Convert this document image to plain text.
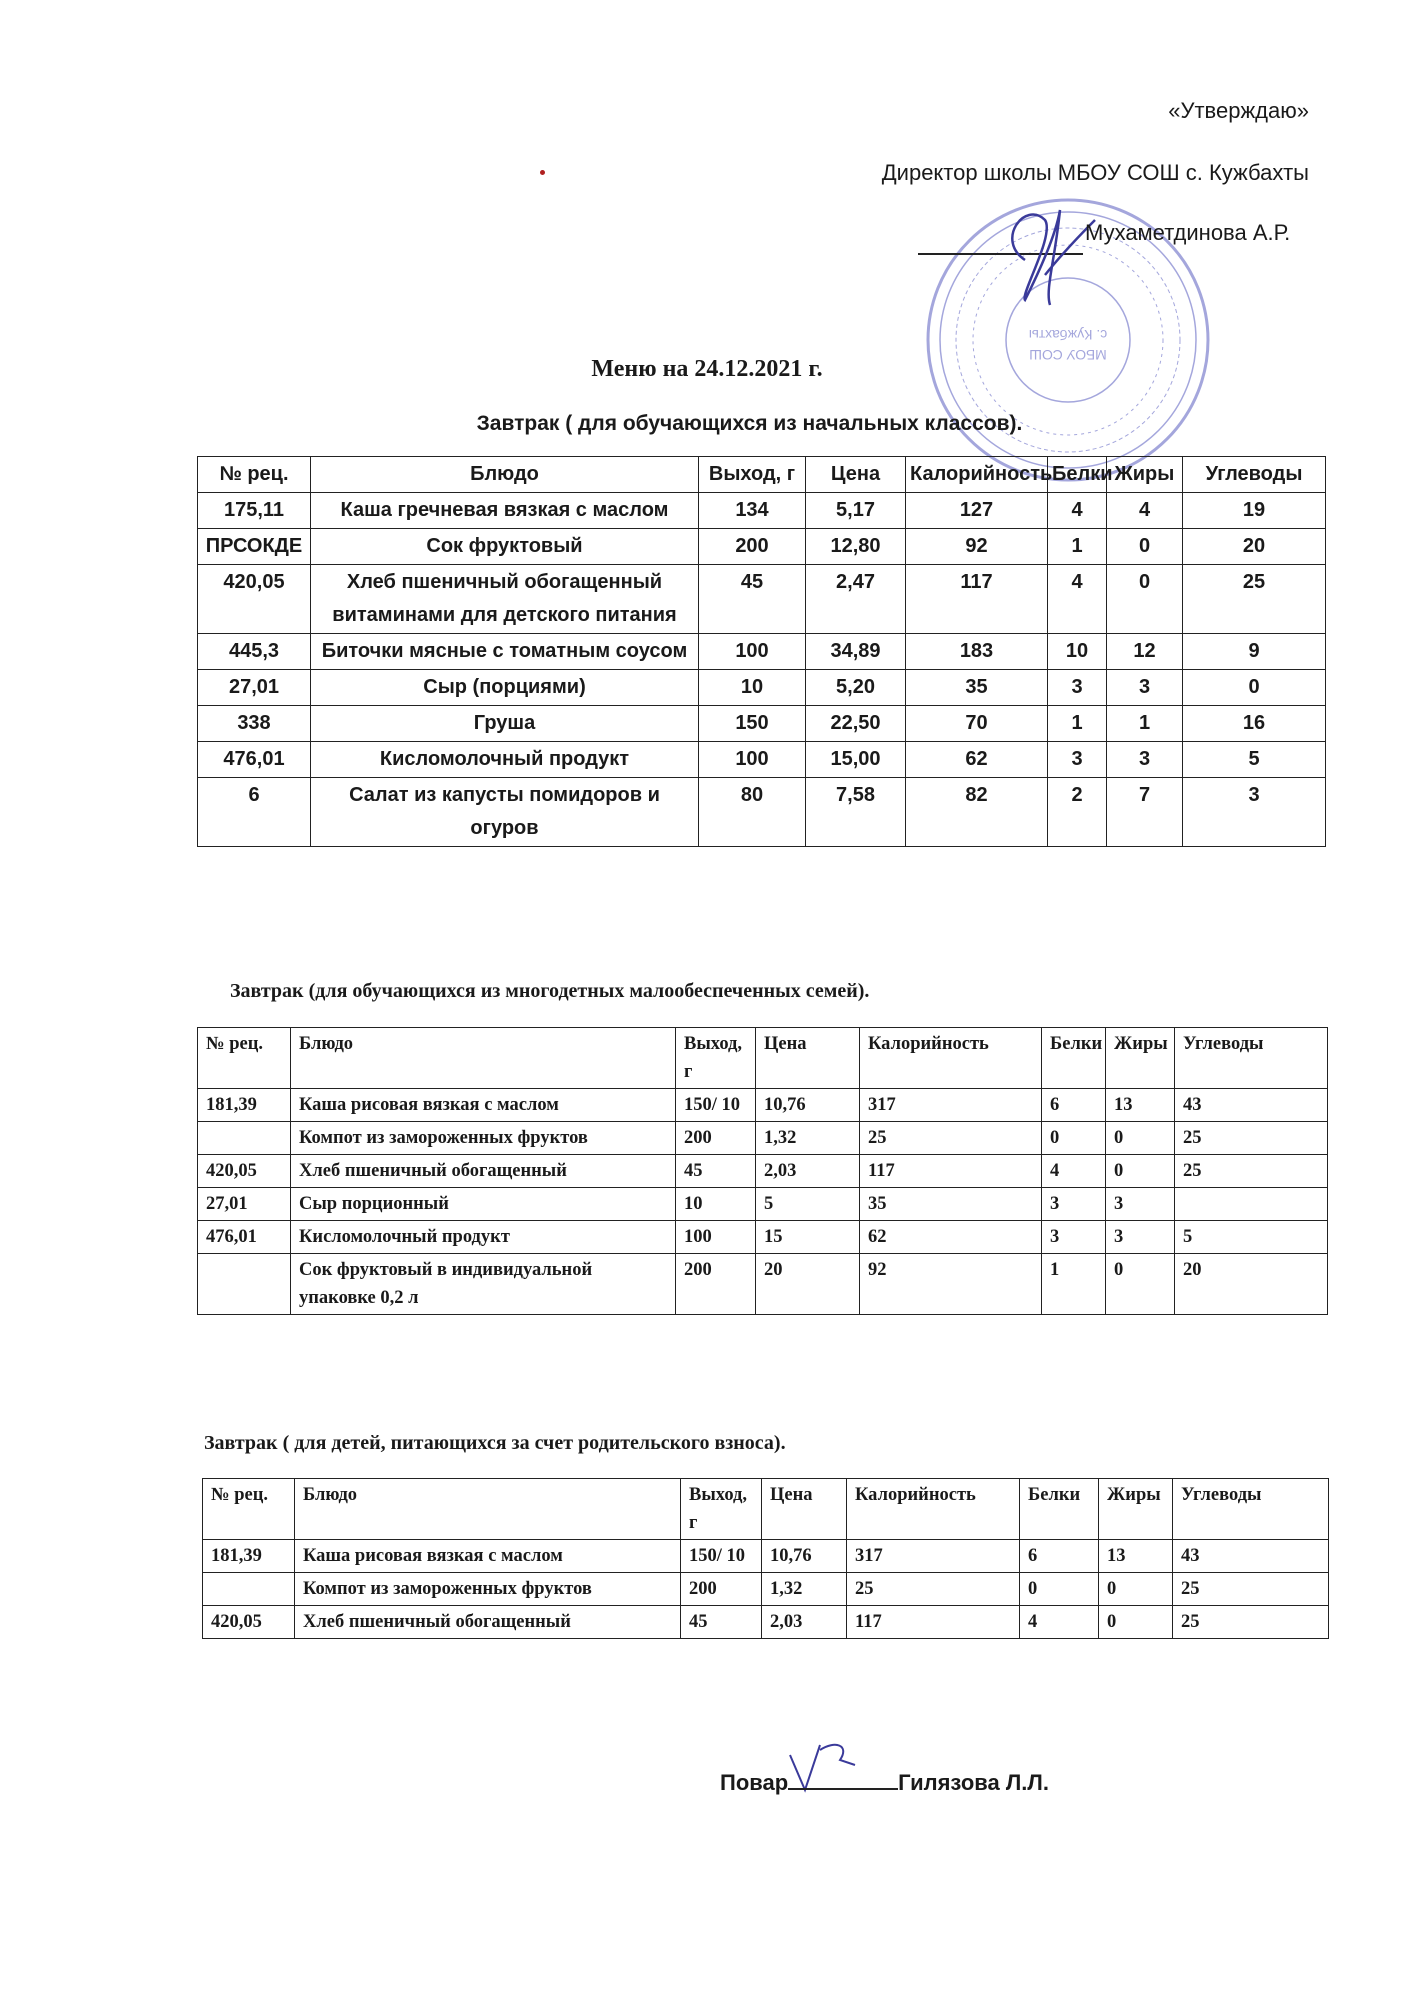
«Утверждаю»
Директор школы МБОУ СОШ с. Кужбахты
МБОУ СОШ
с. Кужбахты
Мухаметдинова А.Р.
Меню на 24.12.2021 г.
Завтрак ( для обучающихся из начальных классов).
Завтрак (для обучающихся из многодетных малообеспеченных семей).
Завтрак ( для детей, питающихся за счет родительского взноса).
№ рец.	Блюдо	Выход, г	Цена	Калорийность	Белки	Жиры	Углеводы
175,11	Каша гречневая вязкая с маслом	134	5,17	127	4	4	19
ПРСОКДЕ	Сок фруктовый	200	12,80	92	1	0	20
420,05	Хлеб пшеничный обогащенный витаминами для детского питания	45	2,47	117	4	0	25
445,3	Биточки мясные с томатным соусом	100	34,89	183	10	12	9
27,01	Сыр (порциями)	10	5,20	35	3	3	0
338	Груша	150	22,50	70	1	1	16
476,01	Кисломолочный продукт	100	15,00	62	3	3	5
6	Салат из капусты помидоров и огуров	80	7,58	82	2	7	3
№ рец.	Блюдо	Выход, г	Цена	Калорийность	Белки	Жиры	Углеводы
181,39	Каша рисовая вязкая с маслом	150/ 10	10,76	317	6	13	43
	Компот из замороженных фруктов	200	1,32	25	0	0	25
420,05	Хлеб пшеничный обогащенный	45	2,03	117	4	0	25
27,01	Сыр порционный	10	5	35	3	3	
476,01	Кисломолочный продукт	100	15	62	3	3	5
	Сок фруктовый в индивидуальной упаковке 0,2 л	200	20	92	1	0	20
№ рец.	Блюдо	Выход, г	Цена	Калорийность	Белки	Жиры	Углеводы
181,39	Каша рисовая вязкая с маслом	150/ 10	10,76	317	6	13	43
	Компот из замороженных фруктов	200	1,32	25	0	0	25
420,05	Хлеб пшеничный обогащенный	45	2,03	117	4	0	25
Повар	Гилязова Л.Л.
